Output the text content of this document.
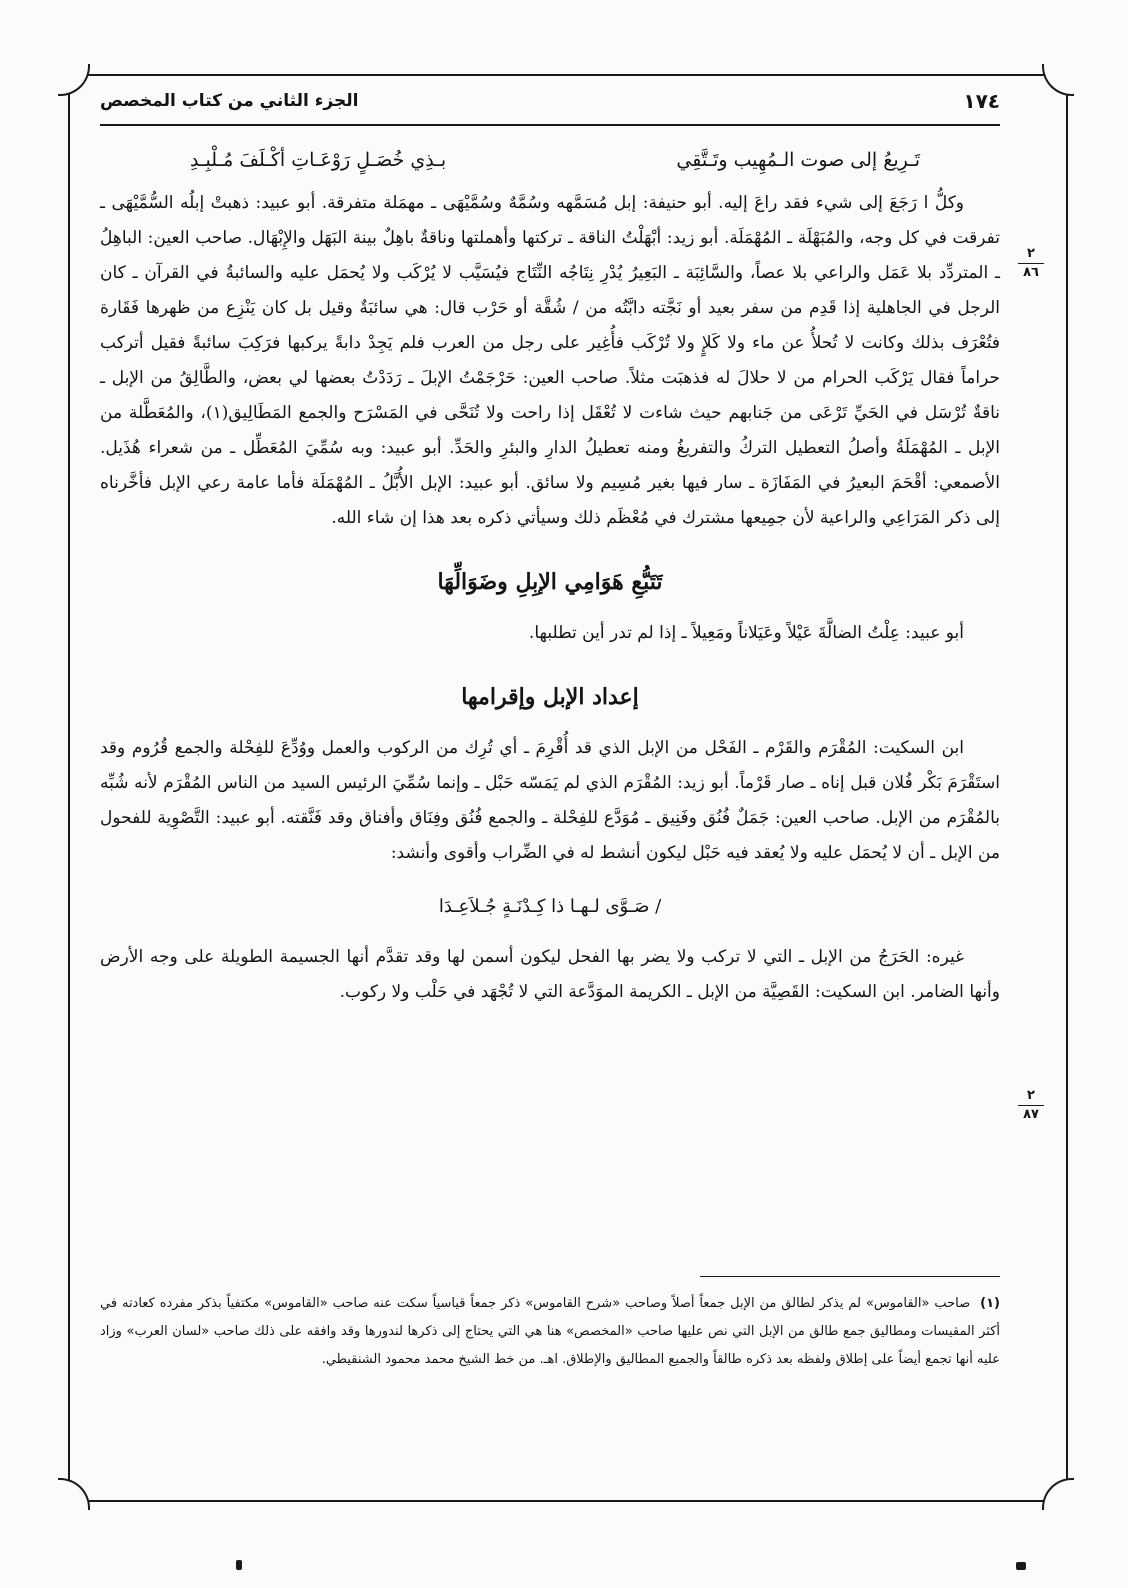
١٧٤
الجزء الثاني من كتاب المخصص
تَـرِيعُ إلى صوت الـمُهِيب وتَـتَّقِي
بـذِي خُصَـلٍ رَوْعَـاتِ أكْـلَفَ مُـلْبِـدِ

وكلُّ ا رَجَعَ إلى شيء فقد راعَ إليه. أبو حنيفة: إبل مُسَمَّهه وسُمَّهٌ وسُمَّيْهَى ـ مهمَلة متفرقة. أبو عبيد: ذهبتْ إبلُه السُّمَّيْهَى ـ تفرقت في كل وجه، والمُبَهْلَة ـ المُهْمَلَة. أبو زيد: أبْهَلْتُ الناقة ـ تركتها وأهملتها وناقةٌ باهِلٌ بينة البَهَل والإِبْهَال. صاحب العين: الباهِلُ ـ المتردِّد بلا عَمَل والراعي بلا عصاً، والسَّائِبَة ـ البَعِيرُ يُدْرِ نِتَاجُه النِّتَاج فيُسَيَّب لا يُرْكَب ولا يُحمَل عليه والسائبةُ في القرآن ـ كان الرجل في الجاهلية إذا قَدِم من سفر بعيد أو نَجَّته دابَّتُه من / شُقَّة أو حَرْب قال: هي سائبَةٌ وقيل بل كان يَنْزِع من ظهرها فَقَارة فتُعْرَف بذلك وكانت لا تُحلأُ عن ماء ولا كَلإٍ ولا تُرْكَب فأُغِير على رجل من العرب فلم يَجِدْ دابةً يركبها فرَكِبَ سائبةً فقيل أتركب حراماً فقال يَرْكَب الحرام من لا حلالَ له فذهبَت مثلاً. صاحب العين: حَرْجَمْتُ الإبلَ ـ رَدَدْتُ بعضها لي بعض، والطَّالِقُ من الإبل ـ ناقةٌ تُرْسَل في الحَيِّ تَرْعَى من جَنابهم حيث شاءت لا تُعْقَل إذا راحت ولا تُنَحَّى في المَسْرَح والجمع المَطَالِيق(١)، والمُعَطَّلة من الإبل ـ المُهْمَلَةُ وأصلُ التعطيل التركُ والتفريغُ ومنه تعطيلُ الدارِ والبئرِ والحَدِّ. أبو عبيد: وبه سُمِّيَ المُعَطِّل ـ من شعراء هُذَيل. الأصمعي: أقْحَمَ البعيرُ في المَفَازَة ـ سار فيها بغير مُسِيم ولا سائق. أبو عبيد: الإبل الأُبَّلُ ـ المُهْمَلَة فأما عامة رعي الإبل فأخَّرناه إلى ذكر المَرَاعِي والراعية لأن جمِيعها مشترك في مُعْظَم ذلك وسيأتي ذكره بعد هذا إن شاء الله.

تَتَبُّعِ هَوَامِي الإبِلِ وضَوَالِّهَا

أبو عبيد: عِلْتُ الضالَّةَ عَيْلاً وعَيَلاناً ومَعِيلاً ـ إذا لم تدر أين تطلبها.

إعداد الإبل وإقرامها

ابن السكيت: المُقْرَم والقَرْم ـ الفَحْل من الإبل الذي قد أُقْرِمَ ـ أي تُرِك من الركوب والعمل ووُدِّعَ للفِحْلة والجمع قُرُوم وقد استَقْرَمَ بَكْر فُلان قبل إناه ـ صار قَرْماً. أبو زيد: المُقْرَم الذي لم يَمَسّه حَبْل ـ وإنما سُمِّيَ الرئيس السيد من الناس المُقْرَم لأنه شُبِّه بالمُقْرَم من الإبل. صاحب العين: جَمَلٌ فُنُق وفَنِيق ـ مُوَدَّع للفِحْلة ـ والجمع فُنُق وفِنَاق وأفناق وقد فَنَّقته. أبو عبيد: التَّصْوِية للفحول من الإبل ـ أن لا يُحمَل عليه ولا يُعقد فيه حَبْل ليكون أنشط له في الضِّراب وأقوى وأنشد:

/ صَـوَّى لـهـا ذا كِـدْنَـةٍ جُـلاَعِـدَا

غيره: الحَرَجُ من الإبل ـ التي لا تركب ولا يضر بها الفحل ليكون أسمن لها وقد تقدَّم أنها الجسيمة الطويلة على وجه الأرض وأنها الضامر. ابن السكيت: القَصِيَّة من الإبل ـ الكريمة الموَدَّعة التي لا تُجْهَد في حَلْب ولا ركوب.

٢
٨٦
٢
٨٧
(١)صاحب «القاموس» لم يذكر لطالق من الإبل جمعاً أصلاً وصاحب «شرح القاموس» ذكر جمعاً قياسياً سكت عنه صاحب «القاموس» مكتفياً بذكر مفرده كعادته في أكثر المقيسات ومطاليق جمع طالق من الإبل التي نص عليها صاحب «المخصص» هنا هي التي يحتاج إلى ذكرها لندورها وقد وافقه على ذلك صاحب «لسان العرب» وزاد عليه أنها تجمع أيضاً على إطلاق ولفظه بعد ذكره طالقاً والجميع المطاليق والإطلاق. اهـ. من خط الشيخ محمد محمود الشنقيطي.
